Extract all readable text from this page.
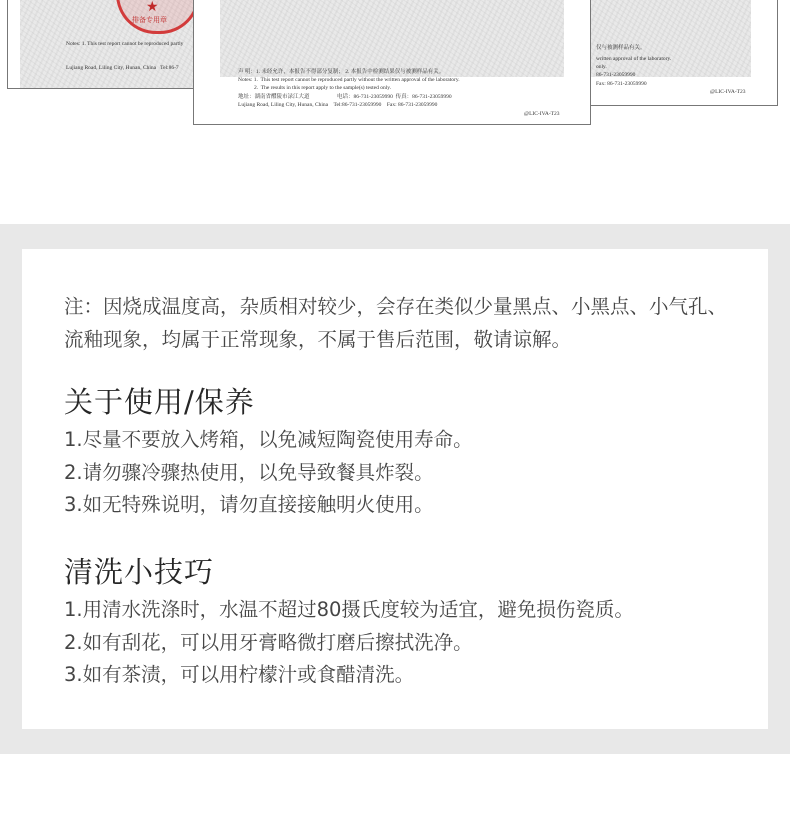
★
排备专用章
Notes: 1. This test report cannot be reproduced partly
Lujiang Road, Liling City, Hunan, China   Tel:86-7
声 明：1. 未经允许，本报告不得部分复制； 2. 本报告中检测结果仅与被测样品有关。
Notes: 1.  This test report cannot be reproduced partly without the written approval of the laboratory.
2.  The results in this report apply to the sample(s) tested only.
地址：湖南省醴陵市渌江大道                    电话：86-731-23059990  传真：86-731-23059990
Lujiang Road, Liling City, Hunan, China    Tel:86-731-23059990    Fax: 86-731-23059990
@LIC-IVA-T23
仅与被测样品有关。
written approval of the laboratory.
only.
86-731-23059990
Fax: 86-731-23059990
@LIC-IVA-T23
注：因烧成温度高，杂质相对较少，会存在类似少量黑点、小黑点、小气孔、流釉现象，均属于正常现象，不属于售后范围，敬请谅解。
关于使用/保养
1.尽量不要放入烤箱，以免减短陶瓷使用寿命。
2.请勿骤冷骤热使用，以免导致餐具炸裂。
3.如无特殊说明，请勿直接接触明火使用。
清洗小技巧
1.用清水洗涤时，水温不超过80摄氏度较为适宜，避免损伤瓷质。
2.如有刮花，可以用牙膏略微打磨后擦拭洗净。
3.如有茶渍，可以用柠檬汁或食醋清洗。
